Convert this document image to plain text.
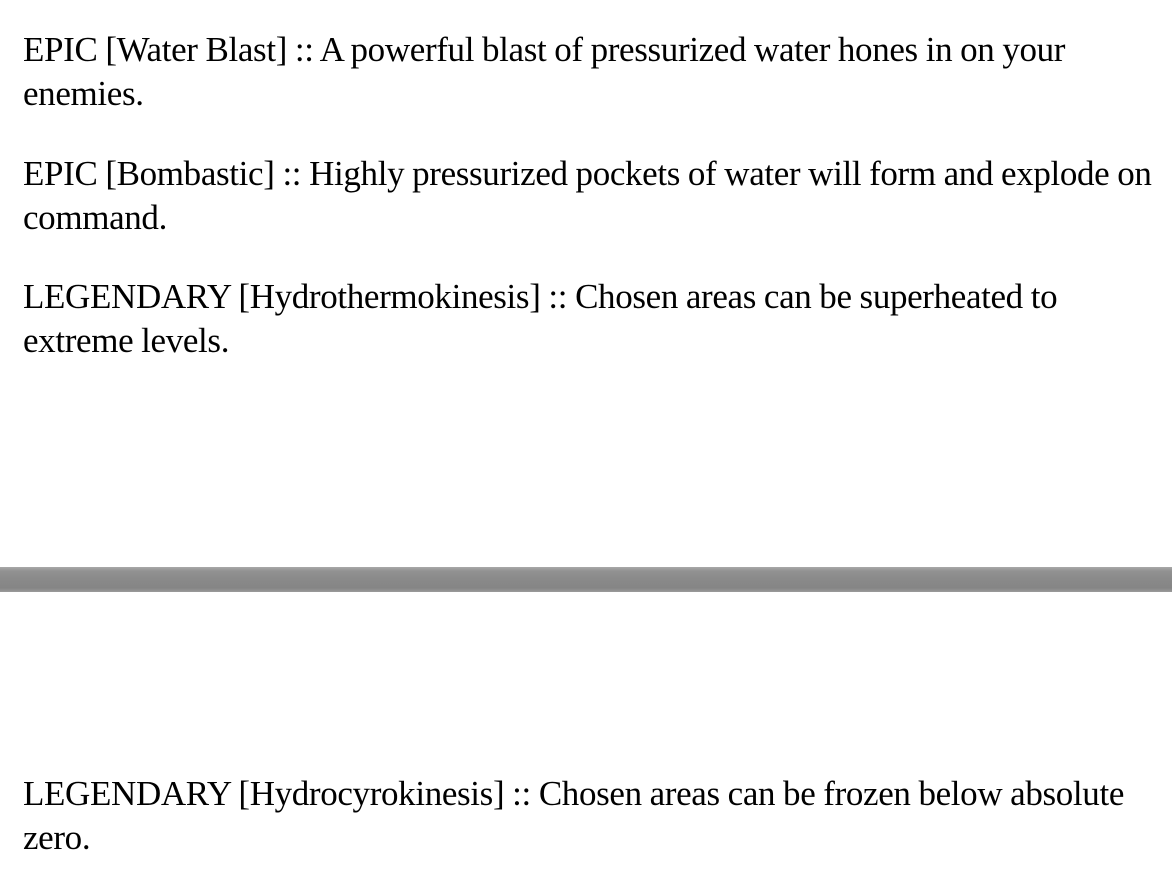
EPIC [Water Blast] :: A powerful blast of pressurized water hones in on your enemies.

EPIC [Bombastic] :: Highly pressurized pockets of water will form and explode on command.

LEGENDARY [Hydrothermokinesis] :: Chosen areas can be superheated to extreme levels.

LEGENDARY [Hydrocyrokinesis] :: Chosen areas can be frozen below absolute zero.
